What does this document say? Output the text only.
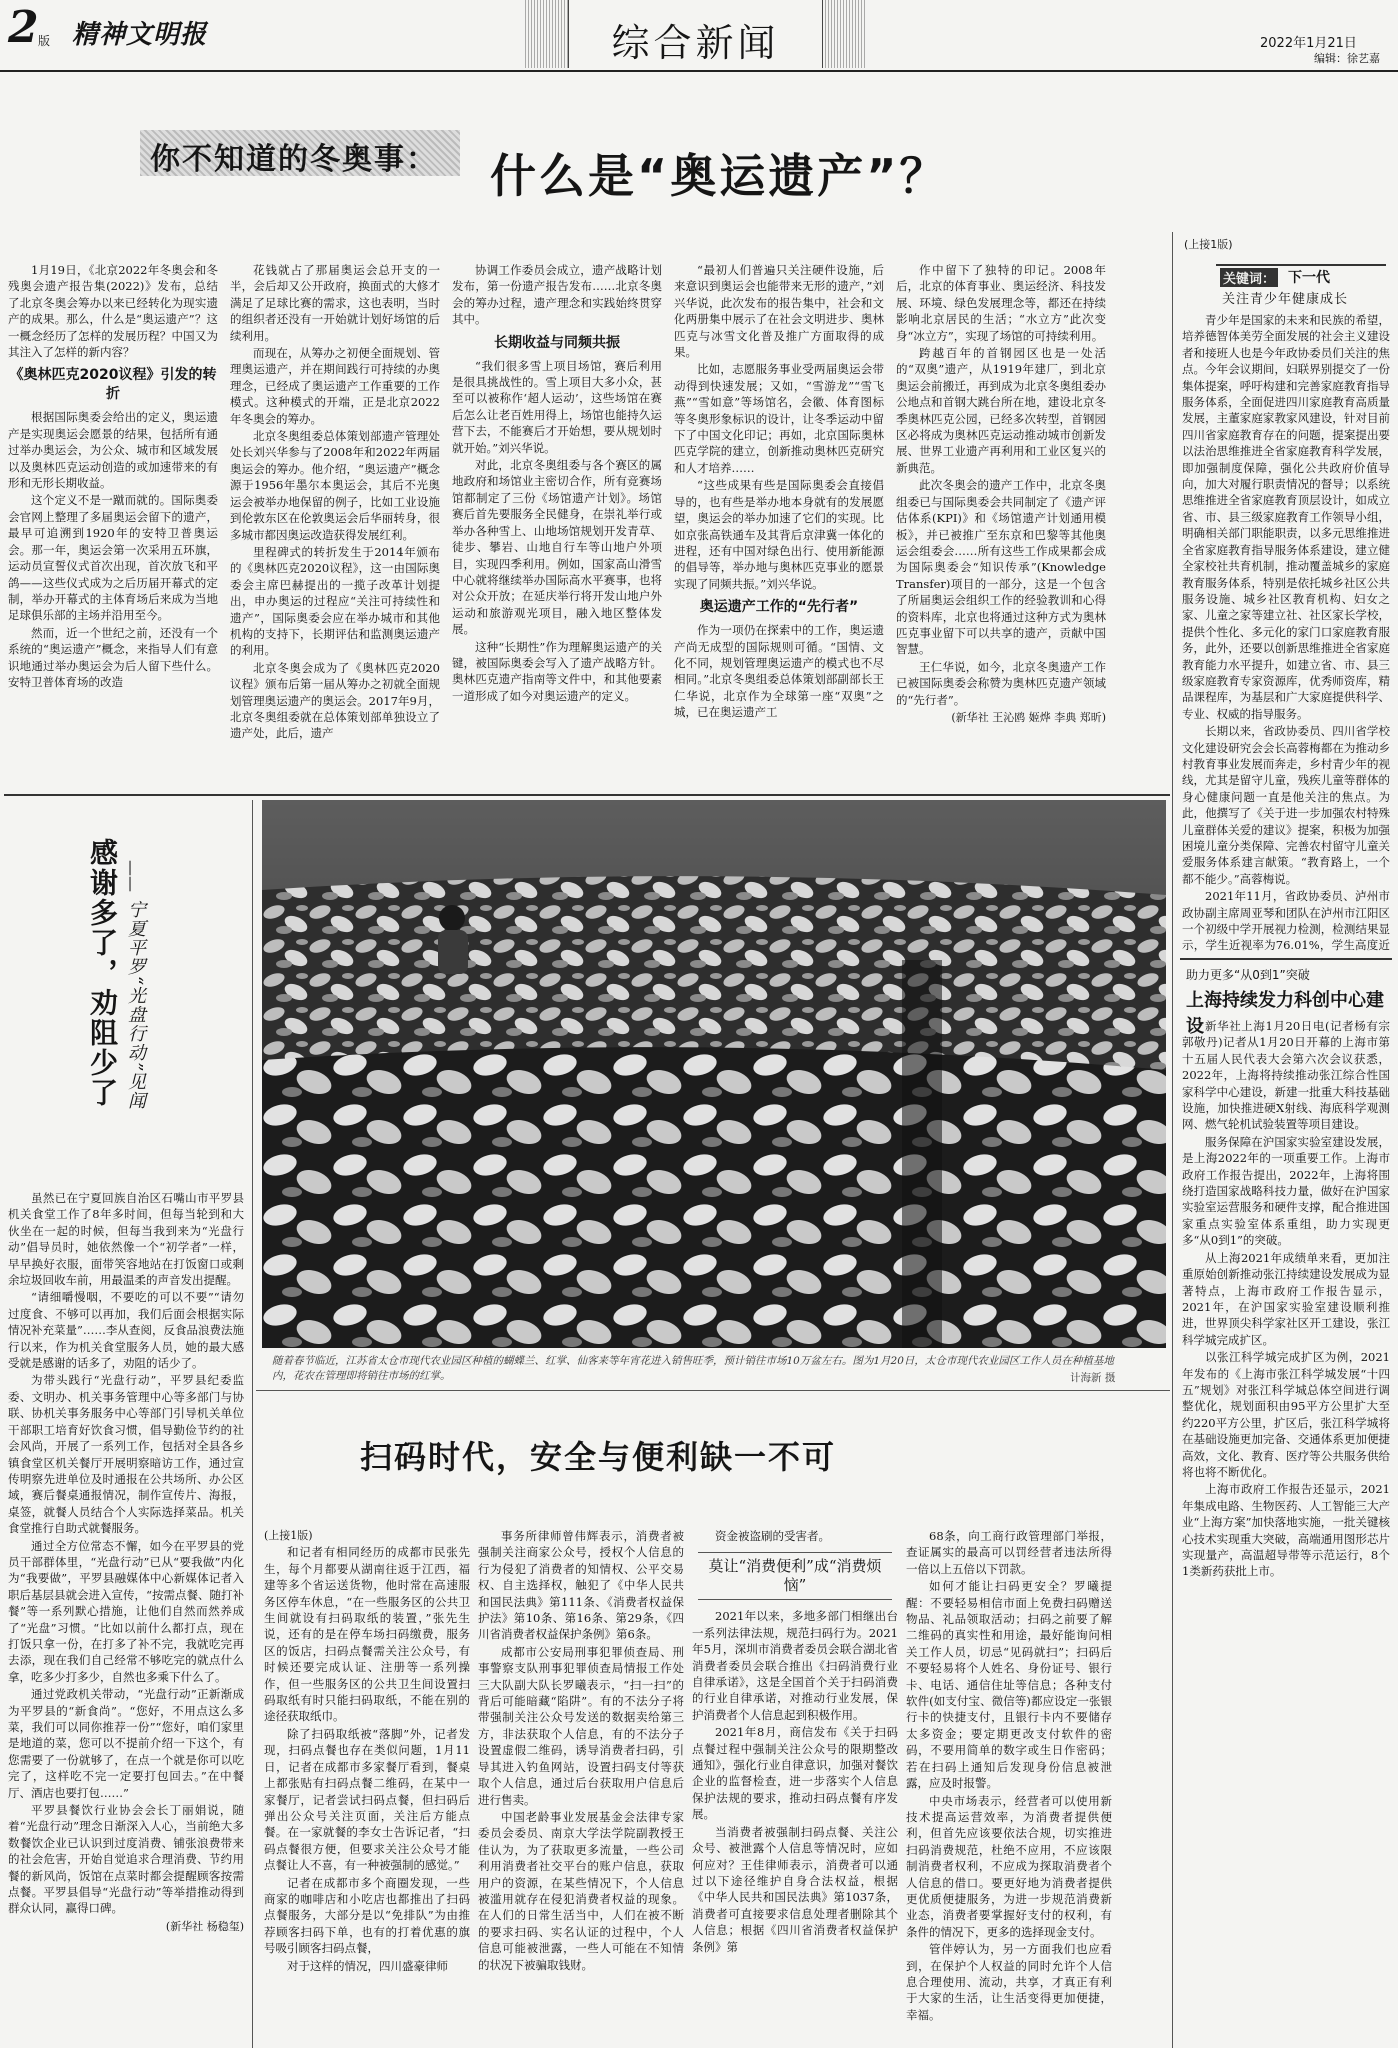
2 版 精神文明报	综合新闻	2022年1月21日
编辑：徐艺嘉
你不知道的冬奥事： 什么是“奥运遗产”？

1月19日，《北京2022年冬奥会和冬残奥会遗产报告集(2022)》发布，总结了北京冬奥会筹办以来已经转化为现实遗产的成果。那么，什么是“奥运遗产”？这一概念经历了怎样的发展历程？中国又为其注入了怎样的新内容？

《奥林匹克2020议程》引发的转折

根据国际奥委会给出的定义，奥运遗产是实现奥运会愿景的结果，包括所有通过举办奥运会，为公众、城市和区域发展以及奥林匹克运动创造的或加速带来的有形和无形长期收益。

这个定义不是一蹴而就的。国际奥委会官网上整理了多届奥运会留下的遗产，最早可追溯到1920年的安特卫普奥运会。那一年，奥运会第一次采用五环旗，运动员宣誓仪式首次出现，首次放飞和平鸽——这些仪式成为之后历届开幕式的定制，举办开幕式的主体育场后来成为当地足球俱乐部的主场并沿用至今。

然而，近一个世纪之前，还没有一个系统的“奥运遗产”概念，来指导人们有意识地通过举办奥运会为后人留下些什么。安特卫普体育场的改造

花钱就占了那届奥运会总开支的一半，会后却又公开政府，换面式的大修才满足了足球比赛的需求，这也表明，当时的组织者还没有一开始就计划好场馆的后续利用。

而现在，从筹办之初便全面规划、管理奥运遗产，并在期间践行可持续的办奥理念，已经成了奥运遗产工作重要的工作模式。这种模式的开端，正是北京2022年冬奥会的筹办。

北京冬奥组委总体策划部遗产管理处处长刘兴华参与了2008年和2022年两届奥运会的筹办。他介绍，“奥运遗产”概念源于1956年墨尔本奥运会，其后不光奥运会被举办地保留的例子，比如工业设施到伦敦东区在伦敦奥运会后华丽转身，很多城市都因奥运改造获得发展红利。

里程碑式的转折发生于2014年颁布的《奥林匹克2020议程》，这一由国际奥委会主席巴赫提出的一揽子改革计划提出，申办奥运的过程应“关注可持续性和遗产”，国际奥委会应在举办城市和其他机构的支持下，长期评估和监测奥运遗产的利用。

北京冬奥会成为了《奥林匹克2020议程》颁布后第一届从筹办之初就全面规划管理奥运遗产的奥运会。2017年9月，北京冬奥组委就在总体策划部单独设立了遗产处，此后，遗产

协调工作委员会成立，遗产战略计划发布，第一份遗产报告发布……北京冬奥会的筹办过程，遗产理念和实践始终贯穿其中。

长期收益与同频共振

“我们很多雪上项目场馆，赛后利用是很具挑战性的。雪上项目大多小众，甚至可以被称作‘超人运动’，这些场馆在赛后怎么让老百姓用得上，场馆也能持久运营下去，不能赛后才开始想，要从规划时就开始。”刘兴华说。

对此，北京冬奥组委与各个赛区的属地政府和场馆业主密切合作，所有竞赛场馆都制定了三份《场馆遗产计划》。场馆赛后首先要服务全民健身，在崇礼举行或举办各种雪上、山地场馆规划开发青草、徒步、攀岩、山地自行车等山地户外项目，实现四季利用。例如，国家高山滑雪中心就将继续举办国际高水平赛事，也将对公众开放；在延庆举行将开发山地户外运动和旅游观光项目，融入地区整体发展。

这种“长期性”作为理解奥运遗产的关键，被国际奥委会写入了遗产战略方针。奥林匹克遗产指南等文件中，和其他要素一道形成了如今对奥运遗产的定义。

“最初人们普遍只关注硬件设施，后来意识到奥运会也能带来无形的遗产，”刘兴华说，此次发布的报告集中，社会和文化两册集中展示了在社会文明进步、奥林匹克与冰雪文化普及推广方面取得的成果。

比如，志愿服务事业受两届奥运会带动得到快速发展；又如，“雪游龙”“雪飞燕”“雪如意”等场馆名，会徽、体育图标等冬奥形象标识的设计，让冬季运动中留下了中国文化印记；再如，北京国际奥林匹克学院的建立，创新推动奥林匹克研究和人才培养……

“这些成果有些是国际奥委会直接倡导的，也有些是举办地本身就有的发展愿望，奥运会的举办加速了它们的实现。比如京张高铁通车及其背后京津冀一体化的进程，还有中国对绿色出行、使用新能源的倡导等，举办地与奥林匹克事业的愿景实现了同频共振。”刘兴华说。

奥运遗产工作的“先行者”

作为一项仍在探索中的工作，奥运遗产尚无成型的国际规则可循。“国情、文化不同，规划管理奥运遗产的模式也不尽相同。”北京冬奥组委总体策划部副部长王仁华说，北京作为全球第一座“双奥”之城，已在奥运遗产工

作中留下了独特的印记。2008年后，北京的体育事业、奥运经济、科技发展、环境、绿色发展理念等，都还在持续影响北京居民的生活；“水立方”此次变身“冰立方”，实现了场馆的可持续利用。

跨越百年的首钢园区也是一处活的“双奥”遗产，从1919年建厂，到北京奥运会前搬迁，再到成为北京冬奥组委办公地点和首钢大跳台所在地，建设北京冬季奥林匹克公园，已经多次转型，首钢园区必将成为奥林匹克运动推动城市创新发展、世界工业遗产再利用和工业区复兴的新典范。

此次冬奥会的遗产工作中，北京冬奥组委已与国际奥委会共同制定了《遗产评估体系(KPI)》和《场馆遗产计划通用模板》，并已被推广至东京和巴黎等其他奥运会组委会……所有这些工作成果都会成为国际奥委会“知识传承”(Knowledge Transfer)项目的一部分，这是一个包含了所届奥运会组织工作的经验教训和心得的资料库，北京也将通过这种方式为奥林匹克事业留下可以共享的遗产，贡献中国智慧。

王仁华说，如今，北京冬奥遗产工作已被国际奥委会称赞为奥林匹克遗产领域的“先行者”。

(新华社 王沁鸥 姬烨 李典 郑昕)
(上接1版)
关键词： 下一代
关注青少年健康成长

青少年是国家的未来和民族的希望，培养德智体美劳全面发展的社会主义建设者和接班人也是今年政协委员们关注的焦点。今年会议期间，妇联界别提交了一份集体提案，呼吁构建和完善家庭教育指导服务体系，全面促进四川家庭教育高质量发展，主董家庭家教家风建设，针对目前四川省家庭教育存在的问题，提案提出要以法治思维推进全省家庭教育科学发展，即加强制度保障，强化公共政府价值导向，加大对履行职责情况的督导；以系统思维推进全省家庭教育顶层设计，如成立省、市、县三级家庭教育工作领导小组，明确相关部门职能职责，以多元思维推进全省家庭教育指导服务体系建设，建立健全家校社共育机制，推动覆盖城乡的家庭教育服务体系，特别是依托城乡社区公共服务设施、城乡社区教育机构、妇女之家、儿童之家等建立社、社区家长学校，提供个性化、多元化的家门口家庭教育服务，此外，还要以创新思维推进全省家庭教育能力水平提升，如建立省、市、县三级家庭教育专家资源库，优秀师资库，精品课程库，为基层和广大家庭提供科学、专业、权威的指导服务。

长期以来，省政协委员、四川省学校文化建设研究会会长高蓉梅都在为推动乡村教育事业发展而奔走，乡村青少年的视线，尤其是留守儿童，残疾儿童等群体的身心健康问题一直是他关注的焦点。为此，他撰写了《关于进一步加强农村特殊儿童群体关爱的建议》提案，积极为加强困境儿童分类保障、完善农村留守儿童关爱服务体系建言献策。“教育路上，一个都不能少。”高蓉梅说。

2021年11月，省政协委员、泸州市政协副主席周亚琴和团队在泸州市江阳区一个初级中学开展视力检测，检测结果显示，学生近视率为76.01%，学生高度近

助力更多“从0到1”突破
上海持续发力科创中心建设 新华社上海1月20日电(记者杨有宗 郭敬丹)记者从1月20日开幕的上海市第十五届人民代表大会第六次会议获悉，2022年，上海将持续推动张江综合性国家科学中心建设，新建一批重大科技基础设施，加快推进硬X射线、海底科学观测网、燃气轮机试验装置等项目建设。

服务保障在沪国家实验室建设发展，是上海2022年的一项重要工作。上海市政府工作报告提出，2022年，上海将围绕打造国家战略科技力量，做好在沪国家实验室运营服务和硬件支撑，配合推进国家重点实验室体系重组，助力实现更多“从0到1”的突破。

从上海2021年成绩单来看，更加注重原始创新推动张江持续建设发展成为显著特点，上海市政府工作报告显示，2021年，在沪国家实验室建设顺利推进，世界顶尖科学家社区开工建设，张江科学城完成扩区。

以张江科学城完成扩区为例，2021年发布的《上海市张江科学城发展“十四五”规划》对张江科学城总体空间进行调整优化，规划面积由95平方公里扩大至约220平方公里，扩区后，张江科学城将在基础设施更加完备、交通体系更加便捷高效，文化、教育、医疗等公共服务供给将也将不断优化。

上海市政府工作报告还显示，2021年集成电路、生物医药、人工智能三大产业“上海方案”加快落地实施，一批关键核心技术实现重大突破，高端通用图形芯片实现量产，高温超导带等示范运行，8个1类新药获批上市。

感谢多了，劝阻少了 ——
宁夏平罗“光盘行动”见闻

虽然已在宁夏回族自治区石嘴山市平罗县机关食堂工作了8年多时间，但每当轮到和大伙坐在一起的时候，但每当我到来为“光盘行动”倡导员时，她依然像一个“初学者”一样，早早换好衣服，面带笑容地站在打饭窗口或剩余垃圾回收车前，用最温柔的声音发出提醒。

“请细嚼慢咽，不要吃的可以不要”“请勿过度食、不够可以再加，我们后面会根据实际情况补充菜量”……李从查阅，反食品浪费法施行以来，作为机关食堂服务人员，她的最大感受就是感谢的话多了，劝阻的话少了。

为带头践行“光盘行动”，平罗县纪委监委、文明办、机关事务管理中心等多部门与协联、协机关事务服务中心等部门引导机关单位干部职工培育好饮食习惯，倡导勤俭节约的社会风尚，开展了一系列工作，包括对全县各乡镇食堂区机关餐厅开展明察暗访工作，通过宣传明察先进单位及时通报在公共场所、办公区域，赛后餐桌通报情况，制作宣传片、海报，桌签，就餐人员结合个人实际选择菜品。机关食堂推行自助式就餐服务。

通过全方位常态不懈，如今在平罗县的党员干部群体里，“光盘行动”已从“要我做”内化为“我要做”，平罗县融媒体中心新媒体记者入职后基层县就会进入宣传，“按需点餐、随打补餐”等一系列默心措施，让他们自然而然养成了“光盘”习惯。“比如以前什么都打点，现在打饭只拿一份，在打多了补不完，我就吃完再去添，现在我们自己经常不够吃完的就点什么拿，吃多少打多少，自然也多乘下什么了。

通过党政机关带动，“光盘行动”正新渐成为平罗县的“新食尚”。“您好，不用点这么多菜，我们可以同你推荐一份”“您好，咱们家里是地道的菜，您可以不提前介绍一下这个，有您需要了一份就够了，在点一个就是你可以吃完了，这样吃不完一定要打包回去。”在中餐厅、酒店也要打包……”

平罗县餐饮行业协会会长丁丽娟说，随着“光盘行动”理念日渐深入人心，当前绝大多数餐饮企业已认识到过度消费、铺张浪费带来的社会危害，开始自觉追求合理消费、节约用餐的新风尚，饭馆在点菜时都会提醒顾客按需点餐。平罗县倡导“光盘行动”等举措推动得到群众认同，赢得口碑。

(新华社 杨稳玺)
随着春节临近，江苏省太仓市现代农业园区种植的蝴蝶兰、红掌、仙客来等年宵花进入销售旺季，预计销往市场10万盆左右。图为1月20日，太仓市现代农业园区工作人员在种植基地内，花农在管理即将销往市场的红掌。	计海新 摄
扫码时代，安全与便利缺一不可
(上接1版)

和记者有相同经历的成都市民张先生，每个月都要从湖南往返于江西，福建等多个省运送货物，他时常在高速服务区停车休息，“在一些服务区的公共卫生间就设有扫码取纸的装置，”张先生说，还有的是在停车场扫码缴费，服务区的饭店，扫码点餐需关注公众号，有时候还要完成认证、注册等一系列操作，但一些服务区的公共卫生间设置扫码取纸有时只能扫码取纸，不能在别的途径获取纸巾。

除了扫码取纸被“落脚”外，记者发现，扫码点餐也存在类似问题，1月11日，记者在成都市多家餐厅看到，餐桌上都张贴有扫码点餐二维码，在某中一家餐厅，记者尝试扫码点餐，但扫码后弹出公众号关注页面，关注后方能点餐。在一家就餐的李女士告诉记者，“扫码点餐很方便，但要求关注公众号才能点餐让人不喜，有一种被强制的感觉。”

记者在成都市多个商圈发现，一些商家的咖啡店和小吃店也都推出了扫码点餐服务，大部分是以“免排队”为由推荐顾客扫码下单，也有的打着优惠的旗号吸引顾客扫码点餐，

对于这样的情况，四川盛豪律师

事务所律师曾伟辉表示，消费者被强制关注商家公众号，授权个人信息的行为侵犯了消费者的知情权、公平交易权、自主选择权，触犯了《中华人民共和国民法典》第111条、《消费者权益保护法》第10条、第16条、第29条，《四川省消费者权益保护条例》第6条。

成都市公安局刑事犯罪侦查局、刑事警察支队刑事犯罪侦查局情报工作处三大队副大队长罗曦表示，“扫一扫”的背后可能暗藏“陷阱”。有的不法分子将带强制关注公众号发送的数据卖给第三方，非法获取个人信息，有的不法分子设置虚假二维码，诱导消费者扫码，引导其进入钓鱼网站，设置扫码支付等获取个人信息，通过后台获取用户信息后进行售卖。

中国老龄事业发展基金会法律专家委员会委员、南京大学法学院副教授王佳认为，为了获取更多流量，一些公司利用消费者社交平台的账户信息，获取用户的资源，在某些情况下，个人信息被滥用就存在侵犯消费者权益的现象。在人们的日常生活当中，人们在被不断的要求扫码、实名认证的过程中，个人信息可能被泄露，一些人可能在不知情的状况下被骗取钱财。

资金被盗刷的受害者。

莫让“消费便利”成“消费烦恼”

2021年以来，多地多部门相继出台一系列法律法规，规范扫码行为。2021年5月，深圳市消费者委员会联合湖北省消费者委员会联合推出《扫码消费行业自律承诺》，这是全国首个关于扫码消费的行业自律承诺，对推动行业发展，保护消费者个人信息起到积极作用。

2021年8月，商信发布《关于扫码点餐过程中强制关注公众号的限期整改通知》，强化行业自律意识，加强对餐饮企业的监督检查，进一步落实个人信息保护法规的要求，推动扫码点餐有序发展。

当消费者被强制扫码点餐、关注公众号、被泄露个人信息等情况时，应如何应对？王佳律师表示，消费者可以通过以下途径维护自身合法权益，根据《中华人民共和国民法典》第1037条，消费者可直接要求信息处理者删除其个人信息；根据《四川省消费者权益保护条例》第

68条，向工商行政管理部门举报，查证属实的最高可以罚经营者违法所得一倍以上五倍以下罚款。

如何才能让扫码更安全？罗曦提醒：不要轻易相信市面上免费扫码赠送物品、礼品领取活动；扫码之前要了解二维码的真实性和用途，最好能询问相关工作人员，切忌“见码就扫”；扫码后不要轻易将个人姓名、身份证号、银行卡、电话、通信住址等信息；各种支付软件(如支付宝、微信等)都应设定一张银行卡的快捷支付，且银行卡内不要储存太多资金；要定期更改支付软件的密码，不要用简单的数字或生日作密码；若在扫码上通知后发现身份信息被泄露，应及时报警。

中央市场表示，经营者可以使用新技术提高运营效率，为消费者提供便利，但首先应该要依法合规，切实推进扫码消费规范，杜绝不应用，不应该限制消费者权利，不应成为探取消费者个人信息的借口。要更好地为消费者提供更优质便捷服务，为进一步规范消费新业态，消费者要掌握好支付的权利，有条件的情况下，更多的选择现金支付。

管伴婷认为，另一方面我们也应看到，在保护个人权益的同时允许个人信息合理使用、流动，共享，才真正有利于大家的生活，让生活变得更加便捷，幸福。
